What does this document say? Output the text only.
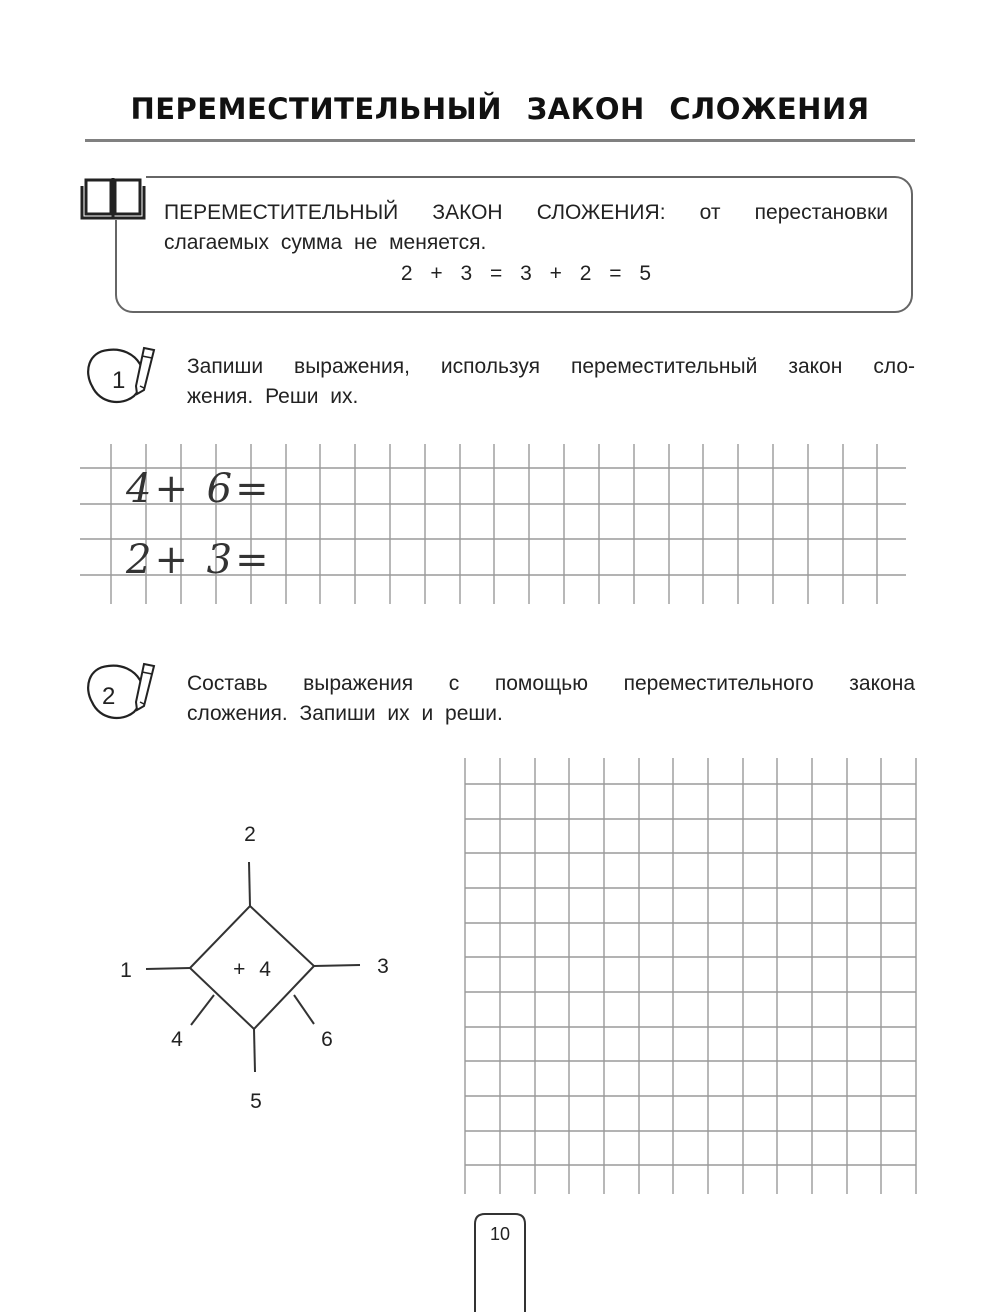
ПЕРЕМЕСТИТЕЛЬНЫЙ ЗАКОН СЛОЖЕНИЯ
ПЕРЕМЕСТИТЕЛЬНЫЙ ЗАКОН СЛОЖЕНИЯ: от перестановки
слагаемых сумма не меняется.
2 + 3 = 3 + 2 = 5
1
Запиши выражения, используя переместительный закон сло-
жения. Реши их.
4+ 6=
2+ 3=
2	Составь выражения с помощью переместительного закона
сложения. Запиши их и реши.
+ 4
2
1	3
4
5
6
10
